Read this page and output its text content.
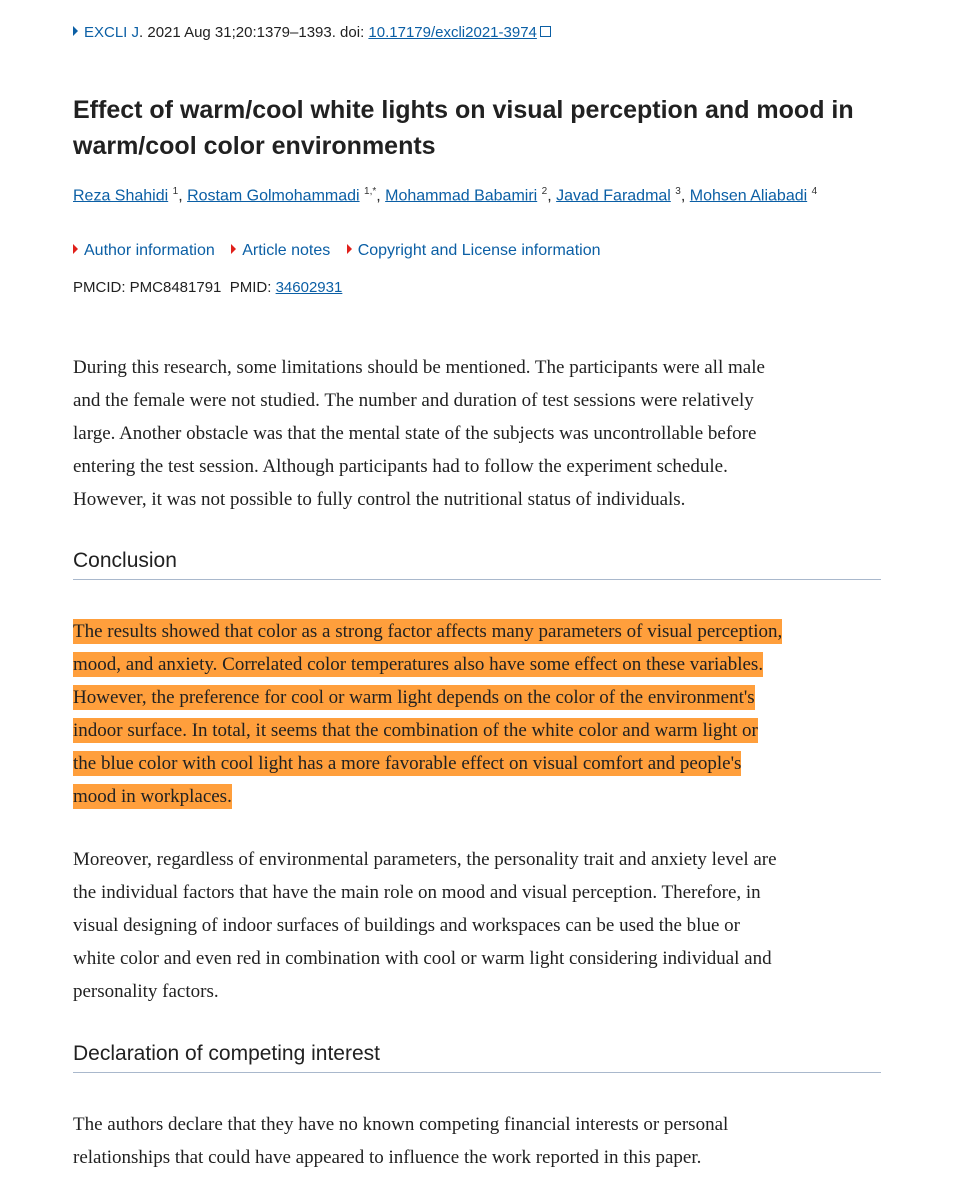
EXCLI J. 2021 Aug 31;20:1379–1393. doi: 10.17179/excli2021-3974
Effect of warm/cool white lights on visual perception and mood in warm/cool color environments
Reza Shahidi $^1$, Rostam Golmohammadi $^{1,*}$, Mohammad Babamiri $^2$, Javad Faradmal $^3$, Mohsen Aliabadi $^4$
Author information Article notes Copyright and License information
PMCID: PMC8481791 PMID: 34602931
During this research, some limitations should be mentioned. The participants were all male
and the female were not studied. The number and duration of test sessions were relatively
large. Another obstacle was that the mental state of the subjects was uncontrollable before
entering the test session. Although participants had to follow the experiment schedule.
However, it was not possible to fully control the nutritional status of individuals.
Conclusion
The results showed that color as a strong factor affects many parameters of visual perception,
mood, and anxiety. Correlated color temperatures also have some effect on these variables.
However, the preference for cool or warm light depends on the color of the environment's
indoor surface. In total, it seems that the combination of the white color and warm light or
the blue color with cool light has a more favorable effect on visual comfort and people's
mood in workplaces.
Moreover, regardless of environmental parameters, the personality trait and anxiety level are
the individual factors that have the main role on mood and visual perception. Therefore, in
visual designing of indoor surfaces of buildings and workspaces can be used the blue or
white color and even red in combination with cool or warm light considering individual and
personality factors.
Declaration of competing interest
The authors declare that they have no known competing financial interests or personal
relationships that could have appeared to influence the work reported in this paper.
